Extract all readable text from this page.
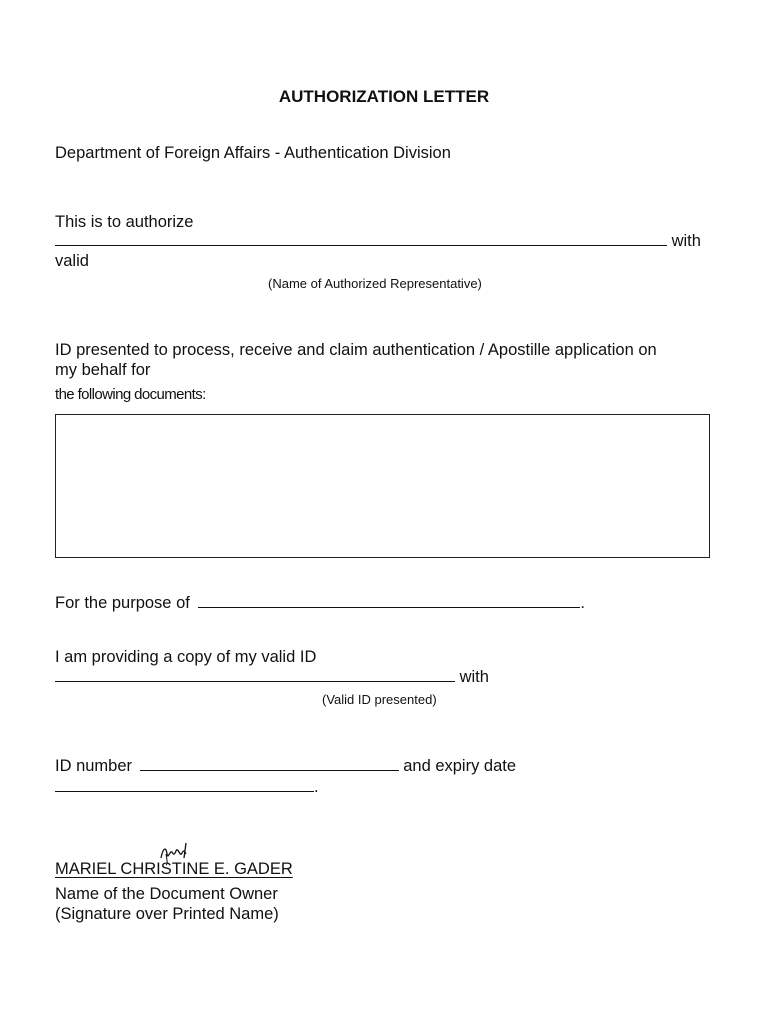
AUTHORIZATION LETTER
Department of Foreign Affairs - Authentication Division
This is to authorize
with
valid
(Name of Authorized Representative)
ID presented to process, receive and claim authentication / Apostille application on
my behalf for
the following documents:
For the purpose of	.
I am providing a copy of my valid ID
with
(Valid ID presented)
ID number	and expiry date
.
MARIEL CHRISTINE E. GADER
Name of the Document Owner
(Signature over Printed Name)
